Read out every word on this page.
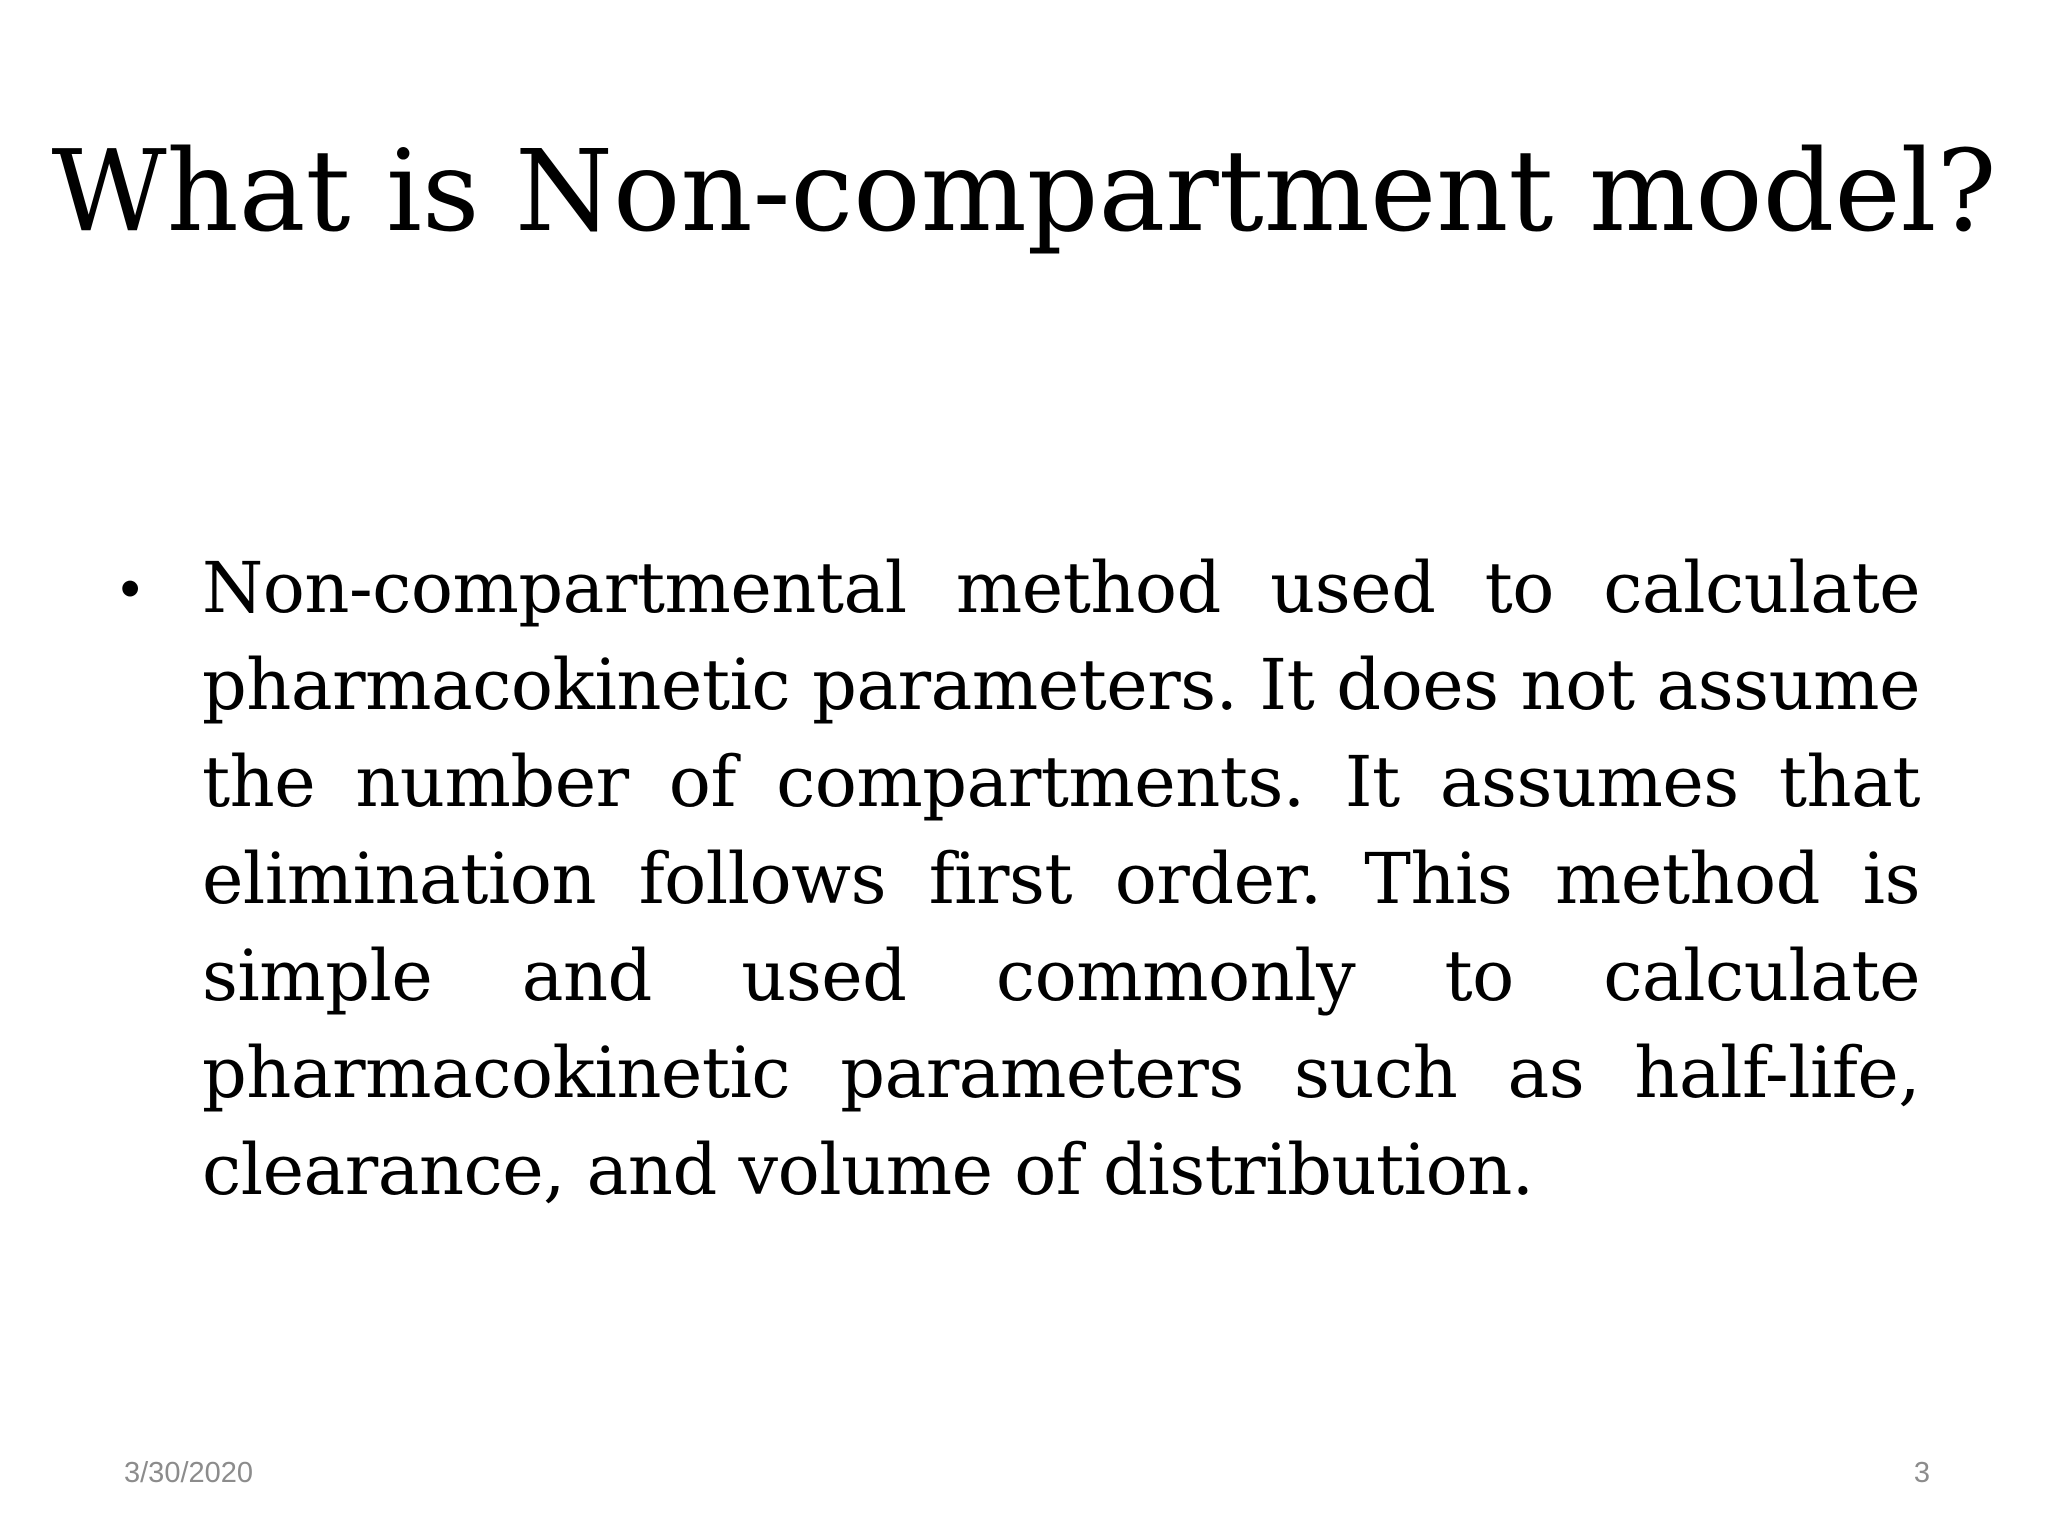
What is Non-compartment model?
• Non-compartmental method used to calculate pharmacokinetic parameters. It does not assume the number of compartments. It assumes that elimination follows first order. This method is simple and used commonly to calculate pharmacokinetic parameters such as half-life, clearance, and volume of distribution.
3/30/2020	3
